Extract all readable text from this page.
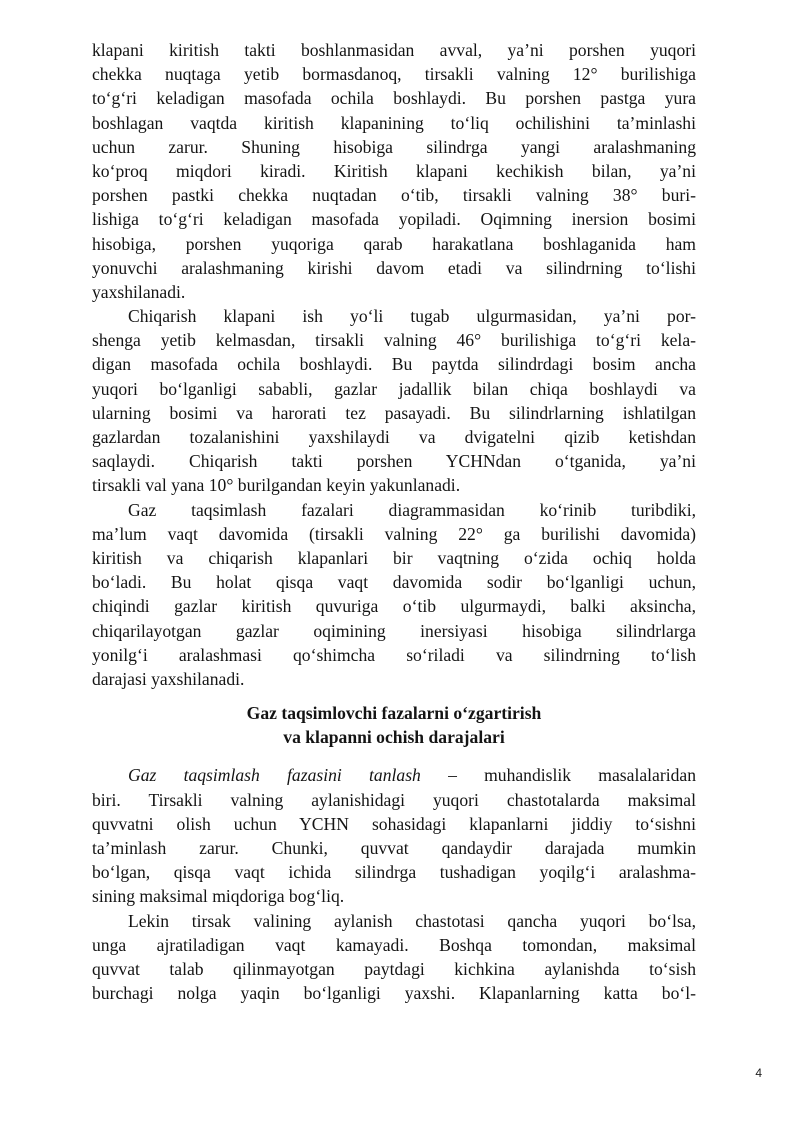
klapani kiritish takti boshlanmasidan avval, ya’ni porshen yuqori
chekka nuqtaga yetib bormasdanoq, tirsakli valning 12° burilishiga
to‘g‘ri keladigan masofada ochila boshlaydi. Bu porshen pastga yura
boshlagan vaqtda kiritish klapanining to‘liq ochilishini ta’minlashi
uchun zarur. Shuning hisobiga silindrga yangi aralashmaning
ko‘proq miqdori kiradi. Kiritish klapani kechikish bilan, ya’ni
porshen pastki chekka nuqtadan o‘tib, tirsakli valning 38° buri-
lishiga to‘g‘ri keladigan masofada yopiladi. Oqimning inersion bosimi
hisobiga, porshen yuqoriga qarab harakatlana boshlaganida ham
yonuvchi aralashmaning kirishi davom etadi va silindrning to‘lishi
yaxshilanadi.
Chiqarish klapani ish yo‘li tugab ulgurmasidan, ya’ni por-
shenga yetib kelmasdan, tirsakli valning 46° burilishiga to‘g‘ri kela-
digan masofada ochila boshlaydi. Bu paytda silindrdagi bosim ancha
yuqori bo‘lganligi sababli, gazlar jadallik bilan chiqa boshlaydi va
ularning bosimi va harorati tez pasayadi. Bu silindrlarning ishlatilgan
gazlardan tozalanishini yaxshilaydi va dvigatelni qizib ketishdan
saqlaydi. Chiqarish takti porshen YCHNdan o‘tganida, ya’ni
tirsakli val yana 10° burilgandan keyin yakunlanadi.
Gaz taqsimlash fazalari diagrammasidan ko‘rinib turibdiki,
ma’lum vaqt davomida (tirsakli valning 22° ga burilishi davomida)
kiritish va chiqarish klapanlari bir vaqtning o‘zida ochiq holda
bo‘ladi. Bu holat qisqa vaqt davomida sodir bo‘lganligi uchun,
chiqindi gazlar kiritish quvuriga o‘tib ulgurmaydi, balki aksincha,
chiqarilayotgan gazlar oqimining inersiyasi hisobiga silindrlarga
yonilg‘i aralashmasi qo‘shimcha so‘riladi va silindrning to‘lish
darajasi yaxshilanadi.
Gaz taqsimlovchi fazalarni o‘zgartirish
va klapanni ochish darajalari
Gaz taqsimlash fazasini tanlash – muhandislik masalalaridan
biri. Tirsakli valning aylanishidagi yuqori chastotalarda maksimal
quvvatni olish uchun YCHN sohasidagi klapanlarni jiddiy to‘sishni
ta’minlash zarur. Chunki, quvvat qandaydir darajada mumkin
bo‘lgan, qisqa vaqt ichida silindrga tushadigan yoqilg‘i aralashma-
sining maksimal miqdoriga bog‘liq.
Lekin tirsak valining aylanish chastotasi qancha yuqori bo‘lsa,
unga ajratiladigan vaqt kamayadi. Boshqa tomondan, maksimal
quvvat talab qilinmayotgan paytdagi kichkina aylanishda to‘sish
burchagi nolga yaqin bo‘lganligi yaxshi. Klapanlarning katta bo‘l-
4
